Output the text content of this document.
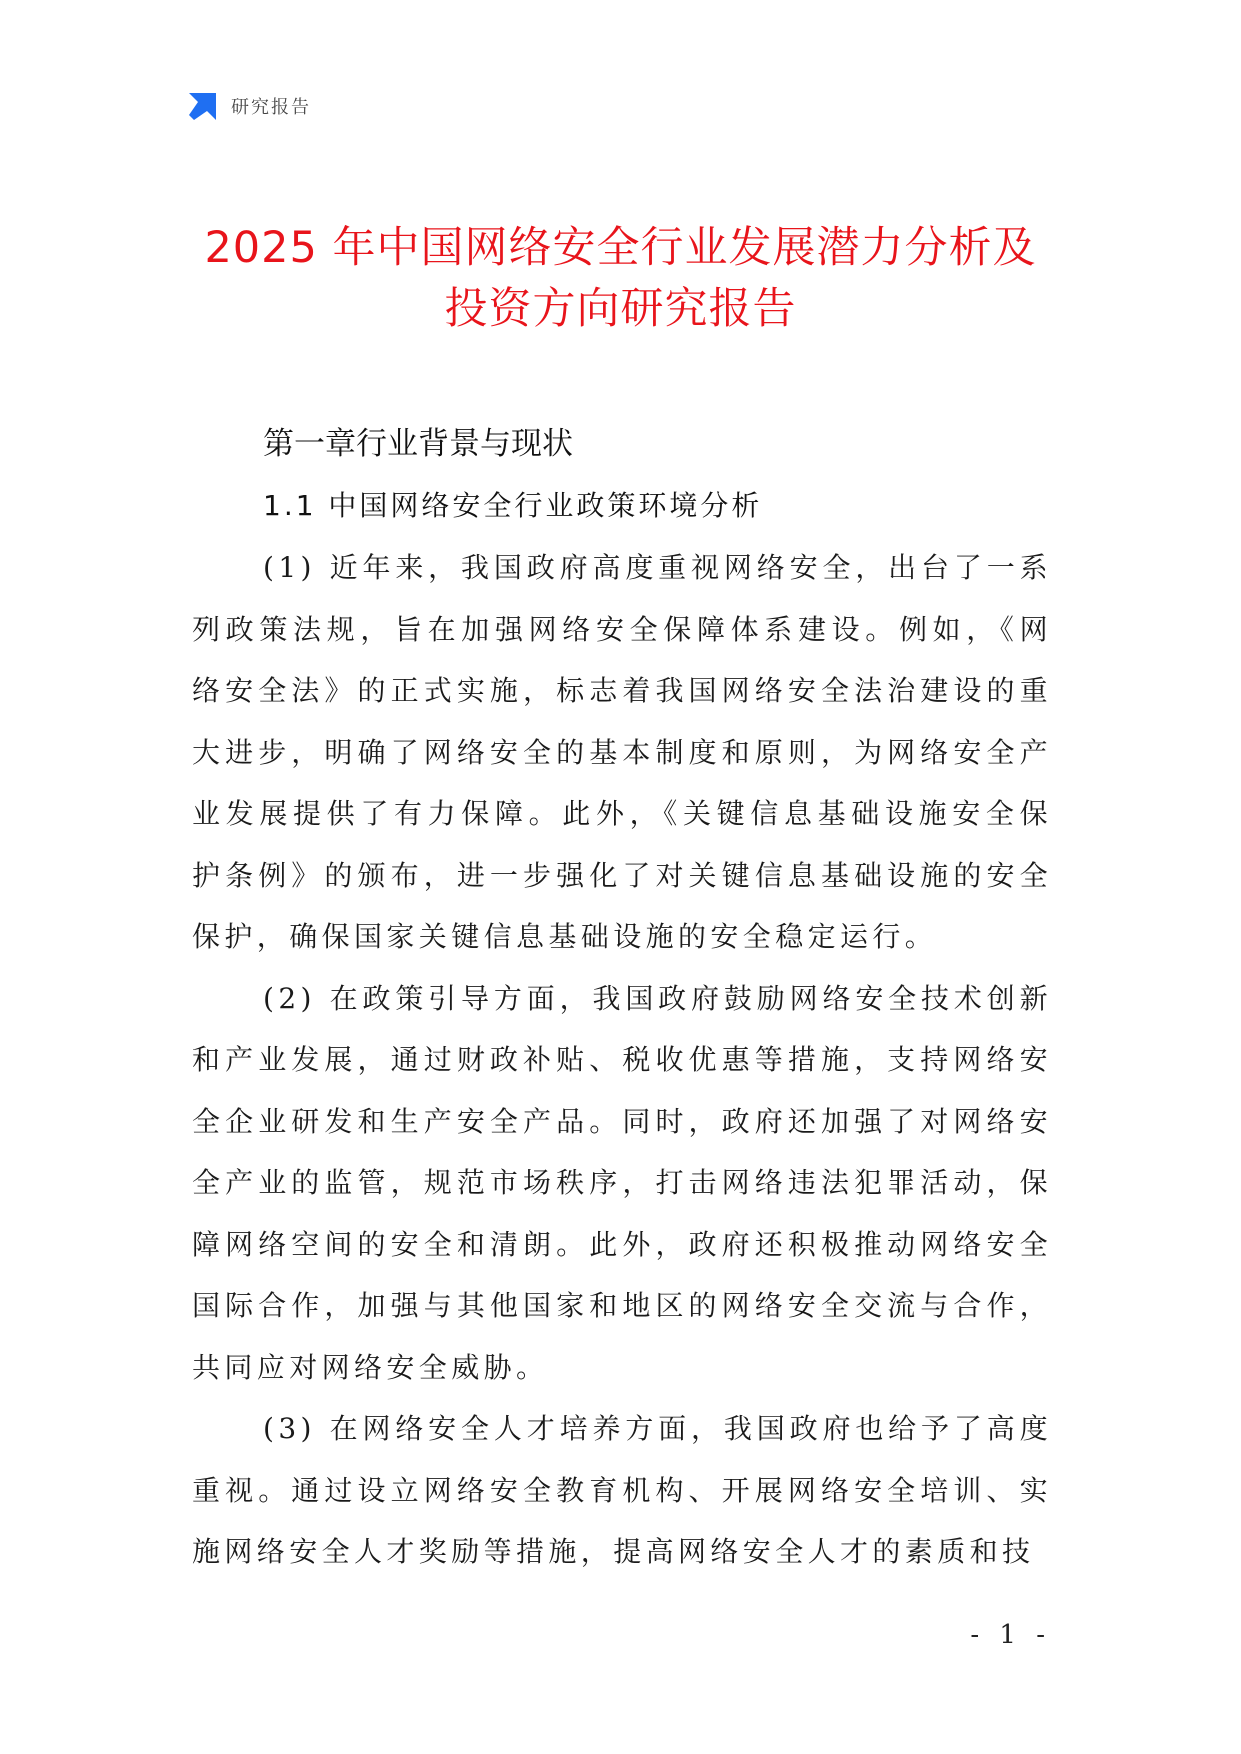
研究报告
2025 年中国网络安全行业发展潜力分析及
投资方向研究报告
第一章行业背景与现状
1.1 中国网络安全行业政策环境分析

(1) 近年来，我国政府高度重视网络安全，出台了一系列政策法规，旨在加强网络安全保障体系建设。例如，《网络安全法》的正式实施，标志着我国网络安全法治建设的重大进步，明确了网络安全的基本制度和原则，为网络安全产业发展提供了有力保障。此外，《关键信息基础设施安全保护条例》的颁布，进一步强化了对关键信息基础设施的安全保护，确保国家关键信息基础设施的安全稳定运行。

(2) 在政策引导方面，我国政府鼓励网络安全技术创新和产业发展，通过财政补贴、税收优惠等措施，支持网络安全企业研发和生产安全产品。同时，政府还加强了对网络安全产业的监管，规范市场秩序，打击网络违法犯罪活动，保障网络空间的安全和清朗。此外，政府还积极推动网络安全国际合作，加强与其他国家和地区的网络安全交流与合作，共同应对网络安全威胁。

(3) 在网络安全人才培养方面，我国政府也给予了高度重视。通过设立网络安全教育机构、开展网络安全培训、实施网络安全人才奖励等措施，提高网络安全人才的素质和技

- 1 -
